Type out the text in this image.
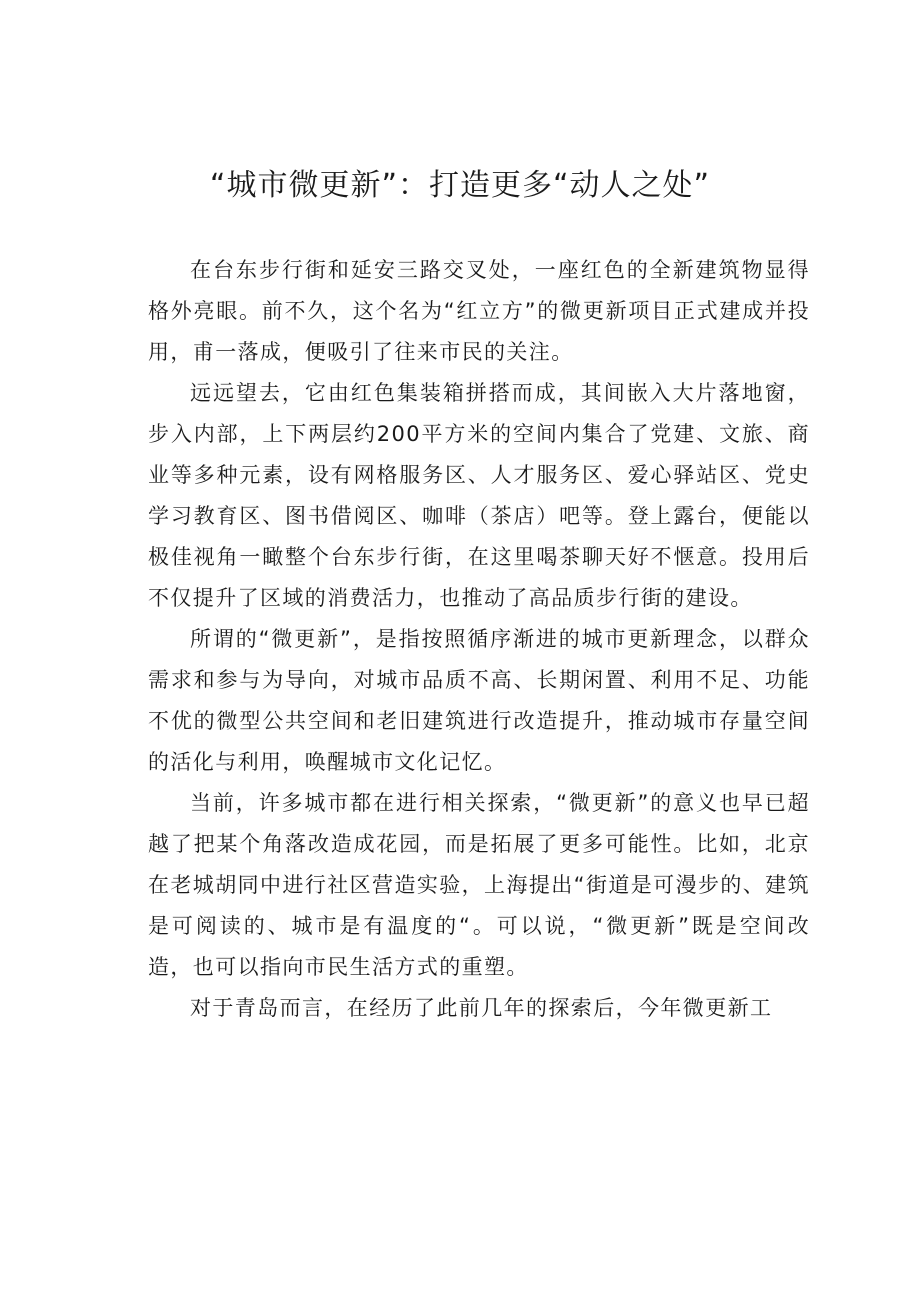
“城市微更新”：打造更多“动人之处”

在台东步行街和延安三路交叉处，一座红色的全新建筑物显得格外亮眼。前不久，这个名为“红立方”的微更新项目正式建成并投用，甫一落成，便吸引了往来市民的关注。

远远望去，它由红色集装箱拼搭而成，其间嵌入大片落地窗，步入内部，上下两层约200平方米的空间内集合了党建、文旅、商业等多种元素，设有网格服务区、人才服务区、爱心驿站区、党史学习教育区、图书借阅区、咖啡（茶店）吧等。登上露台，便能以极佳视角一瞰整个台东步行街，在这里喝茶聊天好不惬意。投用后不仅提升了区域的消费活力，也推动了高品质步行街的建设。

所谓的“微更新”，是指按照循序渐进的城市更新理念，以群众需求和参与为导向，对城市品质不高、长期闲置、利用不足、功能不优的微型公共空间和老旧建筑进行改造提升，推动城市存量空间的活化与利用，唤醒城市文化记忆。

当前，许多城市都在进行相关探索，“微更新”的意义也早已超越了把某个角落改造成花园，而是拓展了更多可能性。比如，北京在老城胡同中进行社区营造实验，上海提出“街道是可漫步的、建筑是可阅读的、城市是有温度的“。可以说，“微更新”既是空间改造，也可以指向市民生活方式的重塑。

对于青岛而言，在经历了此前几年的探索后，今年微更新工
